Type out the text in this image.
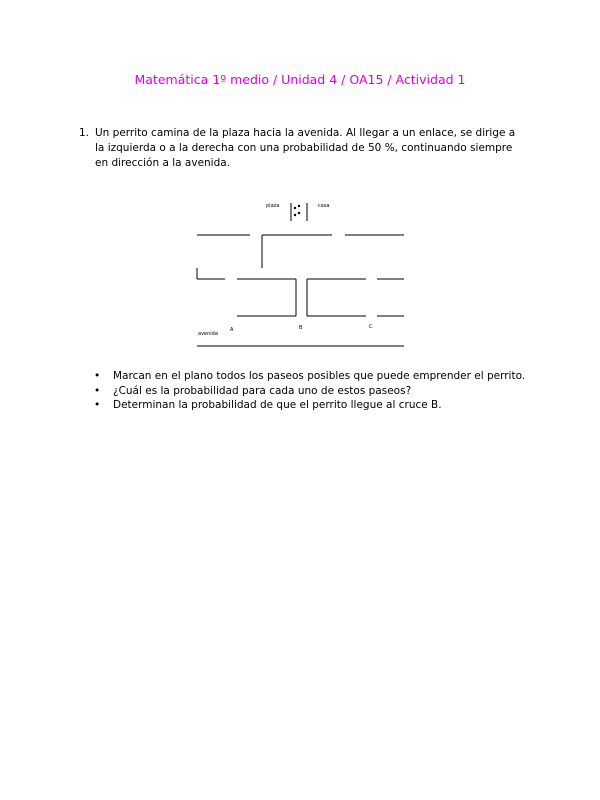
Matemática 1º medio / Unidad 4 / OA15 / Actividad 1
1. Un perrito camina de la plaza hacia la avenida. Al llegar a un enlace, se dirige a la izquierda o a la derecha con una probabilidad de 50 %, continuando siempre en dirección a la avenida.
plaza	casa
avenida
A	B	C
• Marcan en el plano todos los paseos posibles que puede emprender el perrito.
• ¿Cuál es la probabilidad para cada uno de estos paseos?
• Determinan la probabilidad de que el perrito llegue al cruce B.
